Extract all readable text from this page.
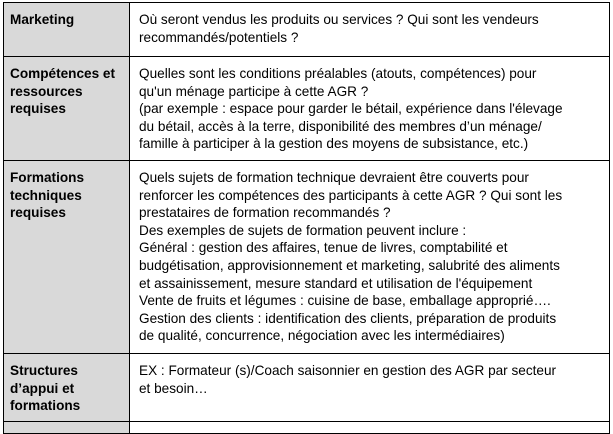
Marketing	Où seront vendus les produits ou services ? Qui sont les vendeurs
recommandés/potentiels ?
Compétences et
ressources
requises
Quelles sont les conditions préalables (atouts, compétences) pour
qu'un ménage participe à cette AGR ?
(par exemple : espace pour garder le bétail, expérience dans l'élevage
du bétail, accès à la terre, disponibilité des membres d’un ménage/
famille à participer à la gestion des moyens de subsistance, etc.)
Formations
techniques
requises
Quels sujets de formation technique devraient être couverts pour
renforcer les compétences des participants à cette AGR ? Qui sont les
prestataires de formation recommandés ?
Des exemples de sujets de formation peuvent inclure :
Général : gestion des affaires, tenue de livres, comptabilité et
budgétisation, approvisionnement et marketing, salubrité des aliments
et assainissement, mesure standard et utilisation de l'équipement
Vente de fruits et légumes : cuisine de base, emballage approprié….
Gestion des clients : identification des clients, préparation de produits
de qualité, concurrence, négociation avec les intermédiaires)
Structures
d’appui et
formations
EX : Formateur (s)/Coach saisonnier en gestion des AGR par secteur
et besoin…
